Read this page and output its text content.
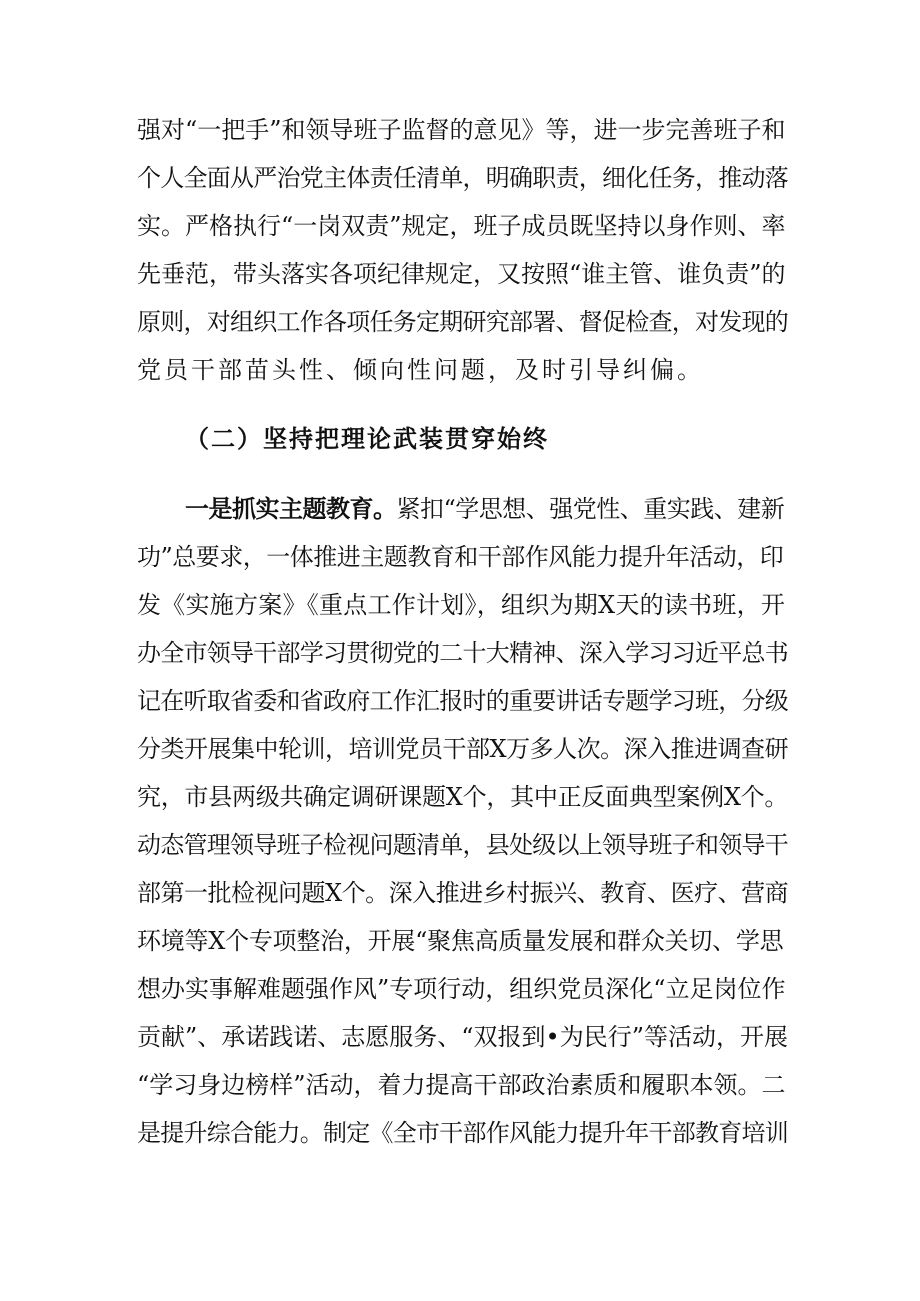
强对“一把手”和领导班子监督的意见》等，进一步完善班子和
个人全面从严治党主体责任清单，明确职责，细化任务，推动落
实。严格执行“一岗双责”规定，班子成员既坚持以身作则、率
先垂范，带头落实各项纪律规定，又按照“谁主管、谁负责”的
原则，对组织工作各项任务定期研究部署、督促检查，对发现的
党员干部苗头性、倾向性问题，及时引导纠偏。
（二）坚持把理论武装贯穿始终
一是抓实主题教育。紧扣“学思想、强党性、重实践、建新
功”总要求，一体推进主题教育和干部作风能力提升年活动，印
发《实施方案》《重点工作计划》，组织为期X天的读书班，开
办全市领导干部学习贯彻党的二十大精神、深入学习习近平总书
记在听取省委和省政府工作汇报时的重要讲话专题学习班，分级
分类开展集中轮训，培训党员干部X万多人次。深入推进调查研
究，市县两级共确定调研课题X个，其中正反面典型案例X个。
动态管理领导班子检视问题清单，县处级以上领导班子和领导干
部第一批检视问题X个。深入推进乡村振兴、教育、医疗、营商
环境等X个专项整治，开展“聚焦高质量发展和群众关切、学思
想办实事解难题强作风”专项行动，组织党员深化“立足岗位作
贡献”、承诺践诺、志愿服务、“双报到•为民行”等活动，开展
“学习身边榜样”活动，着力提高干部政治素质和履职本领。二
是提升综合能力。制定《全市干部作风能力提升年干部教育培训
